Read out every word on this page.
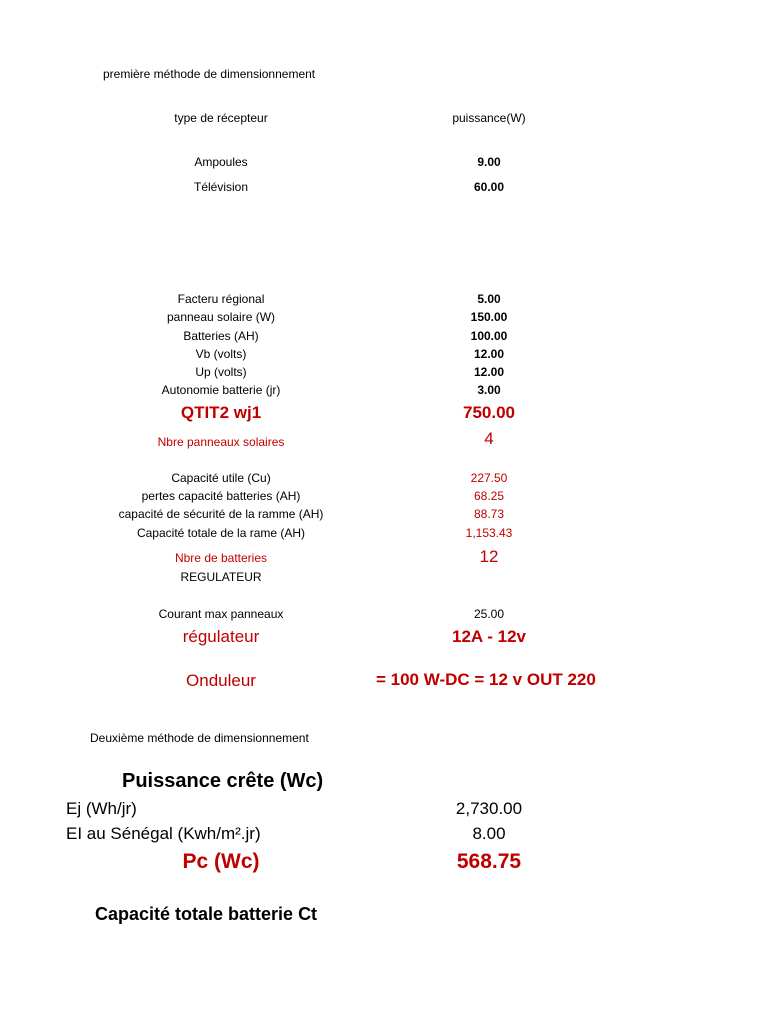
première méthode de dimensionnement
type de récepteur	puissance(W)
Ampoules	9.00
Télévision	60.00
Facteru régional	5.00
panneau solaire (W)	150.00
Batteries (AH)	100.00
Vb (volts)	12.00
Up (volts)	12.00
Autonomie batterie (jr)	3.00
QTIT2 wj1	750.00
Nbre panneaux solaires	4
Capacité utile (Cu)	227.50
pertes capacité batteries (AH)	68.25
capacité de sécurité de la ramme (AH)	88.73
Capacité totale de la rame (AH)	1,153.43
Nbre de batteries	12
REGULATEUR
Courant max panneaux	25.00
régulateur	12A - 12v
Onduleur	= 100 W-DC = 12 v OUT 220
Deuxième méthode de dimensionnement
Puissance crête (Wc)
Ej (Wh/jr)	2,730.00
EI au Sénégal (Kwh/m².jr)	8.00
Pc (Wc)	568.75
Capacité totale batterie Ct
